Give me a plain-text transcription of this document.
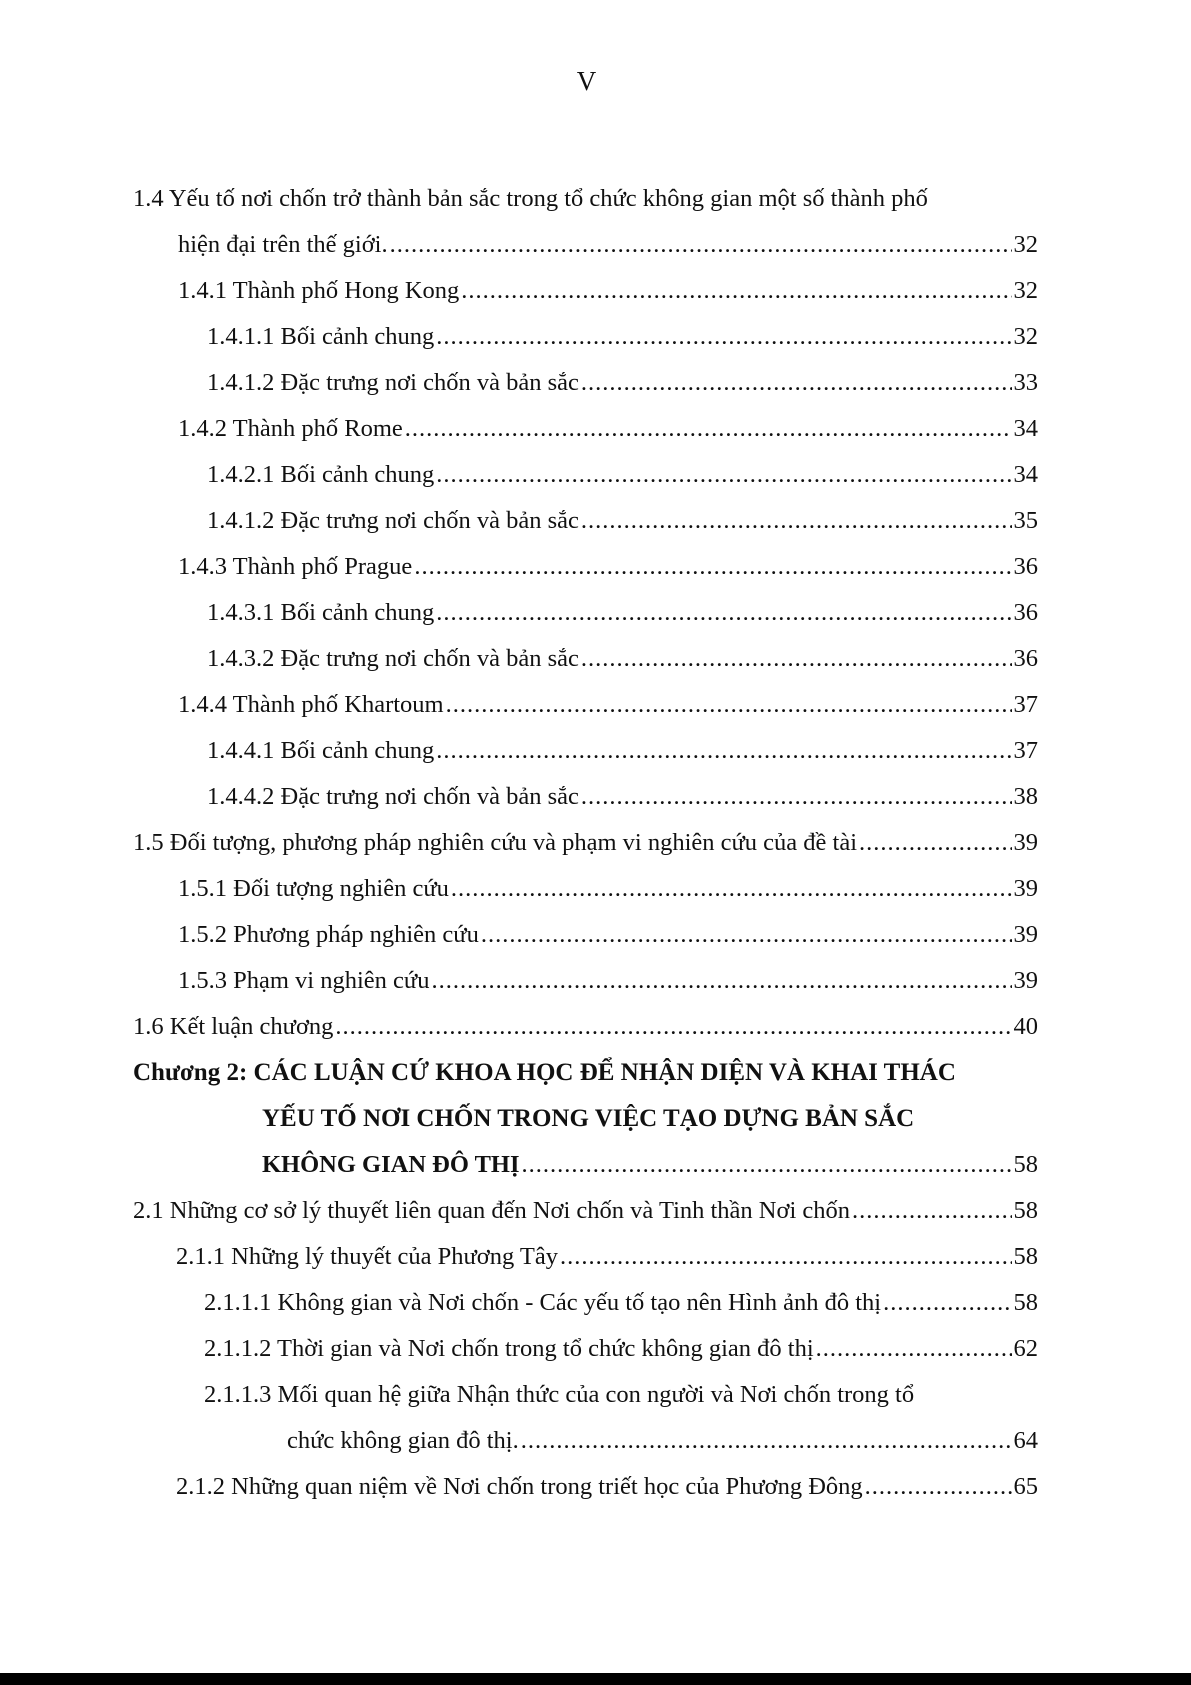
V
1.4 Yếu tố nơi chốn trở thành bản sắc trong tổ chức không gian một số thành phố
hiện đại trên thế giới. .....	32
1.4.1 Thành phố Hong Kong .....	32
1.4.1.1 Bối cảnh chung .....	32
1.4.1.2 Đặc trưng nơi chốn và bản sắc .....	33
1.4.2 Thành phố Rome .....	34
1.4.2.1 Bối cảnh chung .....	34
1.4.1.2 Đặc trưng nơi chốn và bản sắc .....	35
1.4.3 Thành phố Prague .....	36
1.4.3.1 Bối cảnh chung .....	36
1.4.3.2 Đặc trưng nơi chốn và bản sắc .....	36
1.4.4 Thành phố Khartoum .....	37
1.4.4.1 Bối cảnh chung .....	37
1.4.4.2 Đặc trưng nơi chốn và bản sắc .....	38
1.5 Đối tượng, phương pháp nghiên cứu và phạm vi nghiên cứu của đề tài .....	39
1.5.1 Đối tượng nghiên cứu .....	39
1.5.2 Phương pháp nghiên cứu .....	39
1.5.3 Phạm vi nghiên cứu .....	39
1.6 Kết luận chương .....	40
Chương 2: CÁC LUẬN CỨ KHOA HỌC ĐỂ NHẬN DIỆN VÀ KHAI THÁC
YẾU TỐ NƠI CHỐN TRONG VIỆC TẠO DỰNG BẢN SẮC
KHÔNG GIAN ĐÔ THỊ .....	58
2.1 Những cơ sở lý thuyết liên quan đến Nơi chốn và Tinh thần Nơi chốn .....	58
2.1.1 Những lý thuyết của Phương Tây .....	58
2.1.1.1 Không gian và Nơi chốn - Các yếu tố tạo nên Hình ảnh đô thị .....	58
2.1.1.2 Thời gian và Nơi chốn trong tổ chức không gian đô thị .....	62
2.1.1.3 Mối quan hệ giữa Nhận thức của con người và Nơi chốn trong tổ
chức không gian đô thị. .....	64
2.1.2 Những quan niệm về Nơi chốn trong triết học của Phương Đông .....	65
